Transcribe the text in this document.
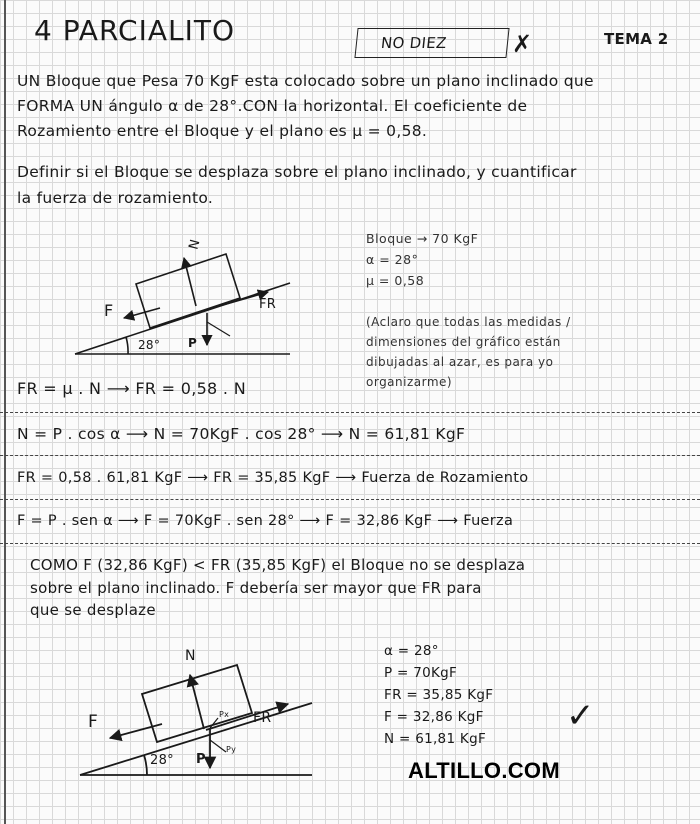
4 PARCIALITO	NO DIEZ	✗	TEMA 2
UN Bloque que Pesa 70 KgF esta colocado sobre un plano inclinado que
FORMA UN ángulo α de 28°.CON la horizontal. El coeficiente de
Rozamiento entre el Bloque y el plano es μ = 0,58.
Definir si el Bloque se desplaza sobre el plano inclinado, y cuantificar
la fuerza de rozamiento.
N
FR
F
P
28°
Bloque → 70 KgF
α = 28°
μ = 0,58
(Aclaro que todas las medidas /
dimensiones del gráfico están
dibujadas al azar, es para yo
organizarme)
FR = μ . N ⟶ FR = 0,58 . N
N = P . cos α ⟶ N = 70KgF . cos 28° ⟶ N = 61,81 KgF
FR = 0,58 . 61,81 KgF ⟶ FR = 35,85 KgF ⟶ Fuerza de Rozamiento
F = P . sen α ⟶ F = 70KgF . sen 28° ⟶ F = 32,86 KgF ⟶ Fuerza
COMO F (32,86 KgF) < FR (35,85 KgF) el Bloque no se desplaza
sobre el plano inclinado. F debería ser mayor que FR para
que se desplaze
N
FR
F
P
28°
Px
Py
α = 28°
P = 70KgF
FR = 35,85 KgF
F = 32,86 KgF
N = 61,81 KgF
✓
ALTILLO.COM
